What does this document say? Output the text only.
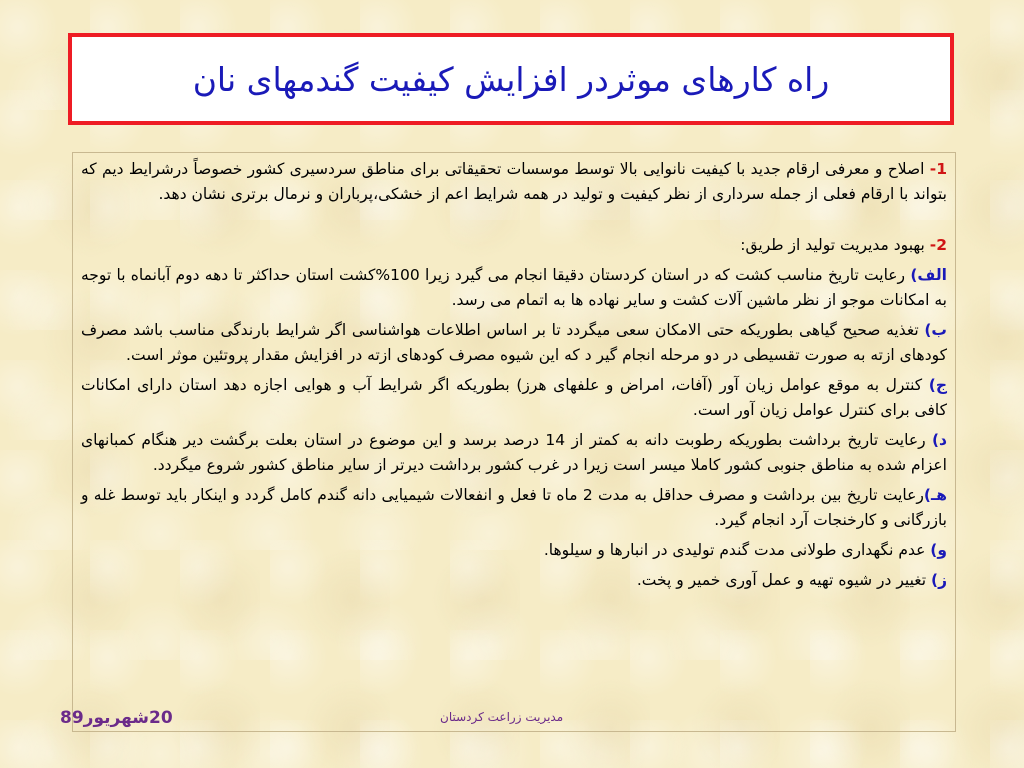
راه کارهای موثردر افزایش کیفیت گندمهای نان

1- اصلاح و معرفی ارقام جدید با کیفیت نانوایی بالا توسط موسسات تحقیقاتی برای مناطق سردسیری کشور خصوصاً درشرایط دیم که بتواند با ارقام فعلی از جمله سرداری از نظر کیفیت و تولید در همه شرایط اعم از خشکی،پرباران و نرمال برتری نشان دهد.

2- بهبود مدیریت تولید از طریق:

الف) رعایت تاریخ مناسب کشت که در استان کردستان دقیقا انجام می گیرد زیرا 100%کشت استان حداکثر تا دهه دوم آبانماه با توجه به امکانات موجو از نظر ماشین آلات کشت و سایر نهاده ها به اتمام می رسد.

ب) تغذیه صحیح گیاهی بطوریکه حتی الامکان سعی میگردد تا بر اساس اطلاعات هواشناسی اگر شرایط بارندگی مناسب باشد مصرف کودهای ازته به صورت تقسیطی در دو مرحله انجام گیر د که این شیوه مصرف کودهای ازته در افزایش مقدار پروتئین موثر است.

ج) کنترل به موقع عوامل زیان آور (آفات، امراض و علفهای هرز) بطوریکه اگر شرایط آب و هوایی اجازه دهد استان دارای امکانات کافی برای کنترل عوامل زیان آور است.

د) رعایت تاریخ برداشت بطوریکه رطوبت دانه به کمتر از 14 درصد برسد و این موضوع در استان بعلت برگشت دیر هنگام کمبانهای اعزام شده به مناطق جنوبی کشور کاملا میسر است زیرا در غرب کشور برداشت دیرتر از سایر مناطق کشور شروع میگردد.

هـ)رعایت تاریخ بین برداشت و مصرف حداقل به مدت 2 ماه تا فعل و انفعالات شیمیایی دانه گندم کامل گردد و اینکار باید توسط غله و بازرگانی و کارخنجات آرد انجام گیرد.

و) عدم نگهداری طولانی مدت گندم تولیدی در انبارها و سیلوها.

ز) تغییر در شیوه تهیه و عمل آوری خمیر و پخت.

20شهریور89	مدیریت زراعت کردستان
